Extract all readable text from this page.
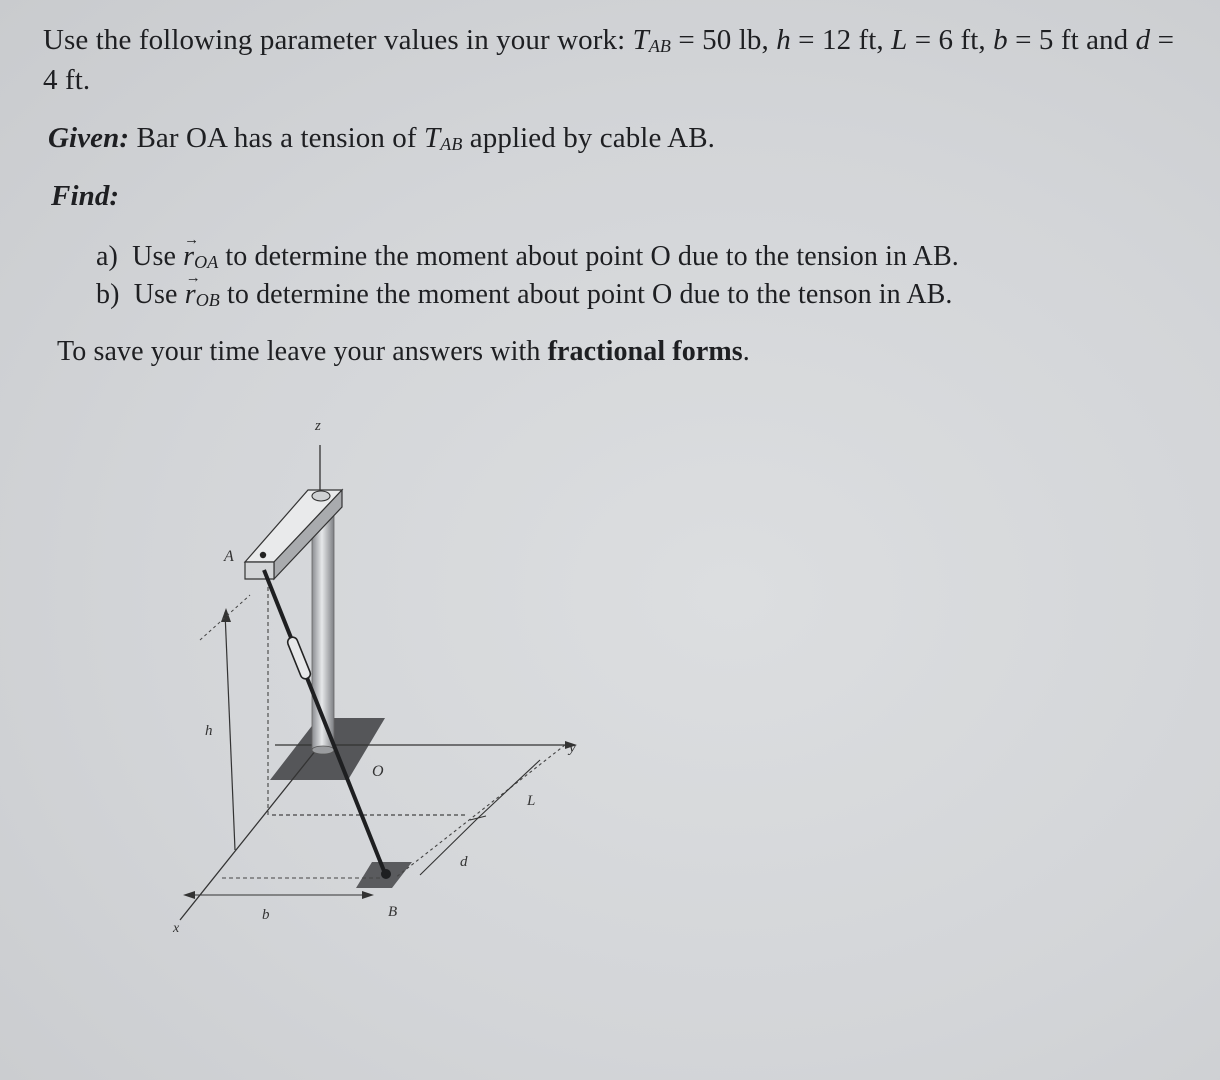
Use the following parameter values in your work: TAB = 50 lb, h = 12 ft, L = 6 ft, b = 5 ft and d =
4 ft.
Given: Bar OA has a tension of TAB applied by cable AB.
Find:
a) Use r
→
OA to determine the moment about point O due to the tension in AB.
b) Use r
→
OB to determine the moment about point O due to the tenson in AB.
To save your time leave your answers with fractional forms.
z
A
h
O
y
L
d
x
b	B
